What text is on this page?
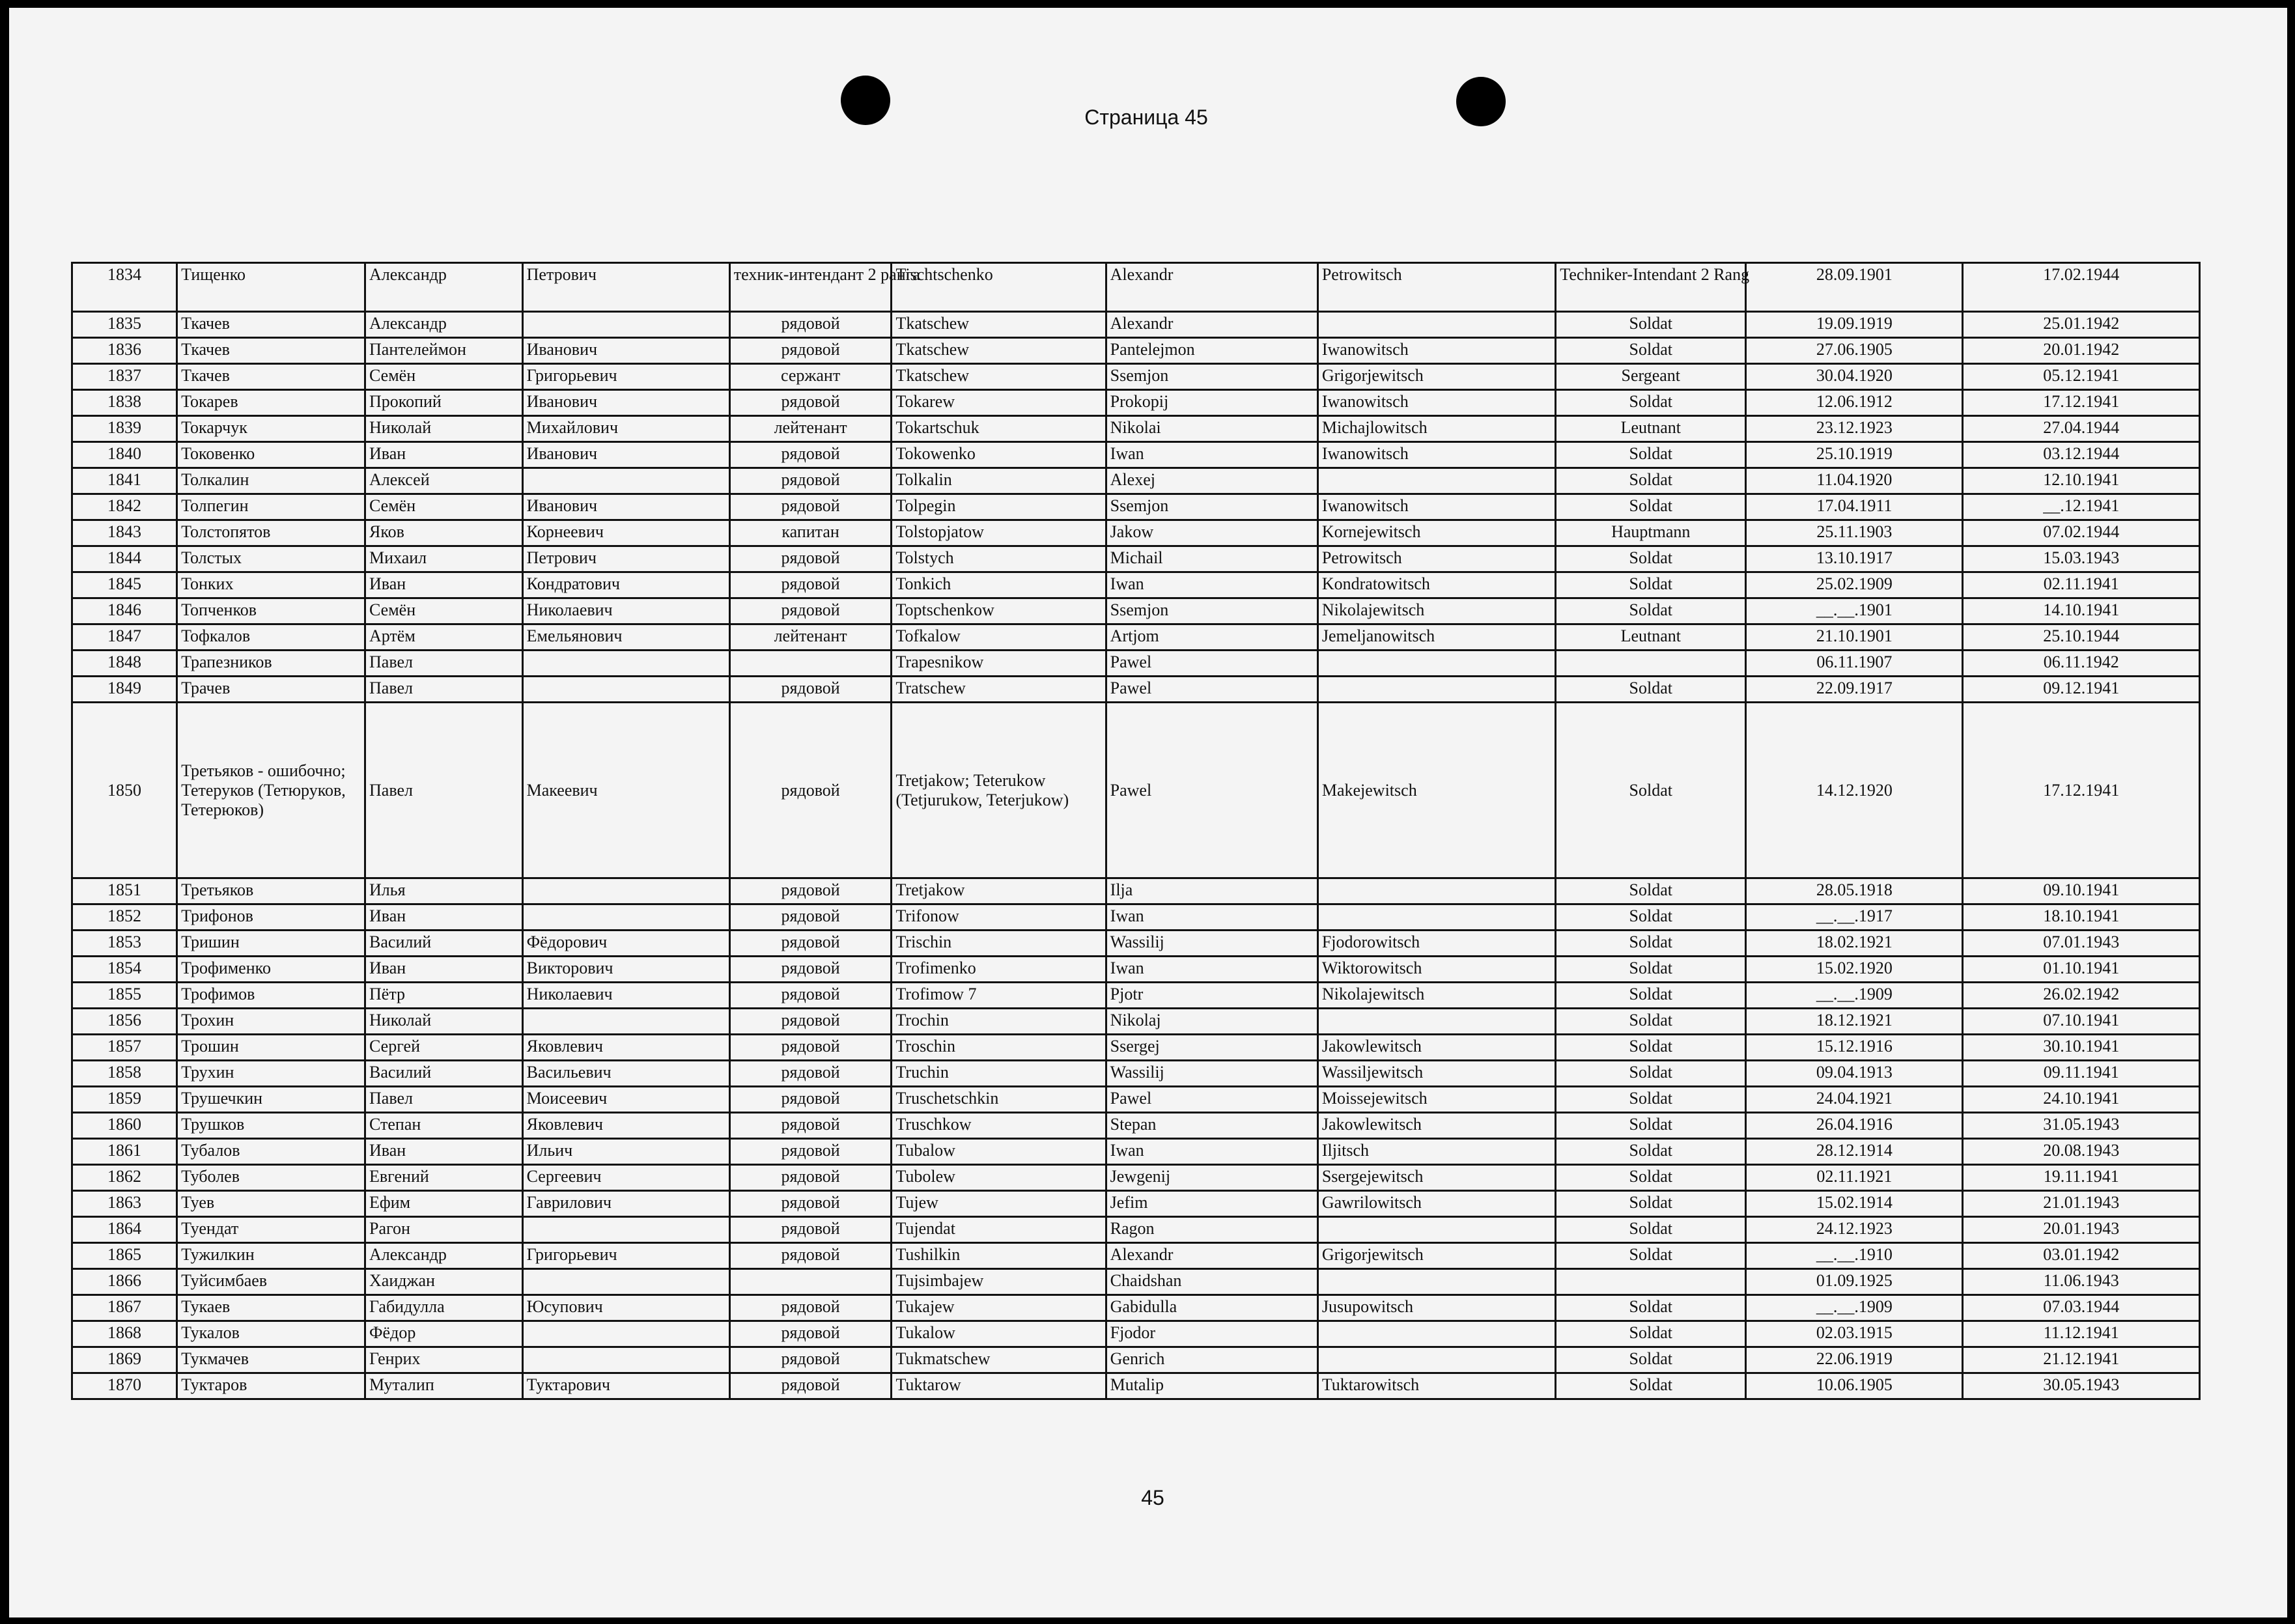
Страница 45
1834	Тищенко	Александр	Петрович	техник-интендант 2 ранга	Tischtschenko	Alexandr	Petrowitsch	Techniker-Intendant 2 Rang	28.09.1901	17.02.1944
1835	Ткачев	Александр		рядовой	Tkatschew	Alexandr		Soldat	19.09.1919	25.01.1942
1836	Ткачев	Пантелеймон	Иванович	рядовой	Tkatschew	Pantelejmon	Iwanowitsch	Soldat	27.06.1905	20.01.1942
1837	Ткачев	Семён	Григорьевич	сержант	Tkatschew	Ssemjon	Grigorjewitsch	Sergeant	30.04.1920	05.12.1941
1838	Токарев	Прокопий	Иванович	рядовой	Tokarew	Prokopij	Iwanowitsch	Soldat	12.06.1912	17.12.1941
1839	Токарчук	Николай	Михайлович	лейтенант	Tokartschuk	Nikolai	Michajlowitsch	Leutnant	23.12.1923	27.04.1944
1840	Токовенко	Иван	Иванович	рядовой	Tokowenko	Iwan	Iwanowitsch	Soldat	25.10.1919	03.12.1944
1841	Толкалин	Алексей		рядовой	Tolkalin	Alexej		Soldat	11.04.1920	12.10.1941
1842	Толпегин	Семён	Иванович	рядовой	Tolpegin	Ssemjon	Iwanowitsch	Soldat	17.04.1911	__.12.1941
1843	Толстопятов	Яков	Корнеевич	капитан	Tolstopjatow	Jakow	Kornejewitsch	Hauptmann	25.11.1903	07.02.1944
1844	Толстых	Михаил	Петрович	рядовой	Tolstych	Michail	Petrowitsch	Soldat	13.10.1917	15.03.1943
1845	Тонких	Иван	Кондратович	рядовой	Tonkich	Iwan	Kondratowitsch	Soldat	25.02.1909	02.11.1941
1846	Топченков	Семён	Николаевич	рядовой	Toptschenkow	Ssemjon	Nikolajewitsch	Soldat	__.__.1901	14.10.1941
1847	Тофкалов	Артём	Емельянович	лейтенант	Tofkalow	Artjom	Jemeljanowitsch	Leutnant	21.10.1901	25.10.1944
1848	Трапезников	Павел			Trapesnikow	Pawel			06.11.1907	06.11.1942
1849	Трачев	Павел		рядовой	Tratschew	Pawel		Soldat	22.09.1917	09.12.1941
1850	Третьяков - ошибочно; Тетеруков (Тетюруков, Тетерюков)	Павел	Макеевич	рядовой	Tretjakow; Teterukow (Tetjurukow, Teterjukow)	Pawel	Makejewitsch	Soldat	14.12.1920	17.12.1941
1851	Третьяков	Илья		рядовой	Tretjakow	Ilja		Soldat	28.05.1918	09.10.1941
1852	Трифонов	Иван		рядовой	Trifonow	Iwan		Soldat	__.__.1917	18.10.1941
1853	Тришин	Василий	Фёдорович	рядовой	Trischin	Wassilij	Fjodorowitsch	Soldat	18.02.1921	07.01.1943
1854	Трофименко	Иван	Викторович	рядовой	Trofimenko	Iwan	Wiktorowitsch	Soldat	15.02.1920	01.10.1941
1855	Трофимов	Пётр	Николаевич	рядовой	Trofimow 7	Pjotr	Nikolajewitsch	Soldat	__.__.1909	26.02.1942
1856	Трохин	Николай		рядовой	Trochin	Nikolaj		Soldat	18.12.1921	07.10.1941
1857	Трошин	Сергей	Яковлевич	рядовой	Troschin	Ssergej	Jakowlewitsch	Soldat	15.12.1916	30.10.1941
1858	Трухин	Василий	Васильевич	рядовой	Truchin	Wassilij	Wassiljewitsch	Soldat	09.04.1913	09.11.1941
1859	Трушечкин	Павел	Моисеевич	рядовой	Truschetschkin	Pawel	Moissejewitsch	Soldat	24.04.1921	24.10.1941
1860	Трушков	Степан	Яковлевич	рядовой	Truschkow	Stepan	Jakowlewitsch	Soldat	26.04.1916	31.05.1943
1861	Тубалов	Иван	Ильич	рядовой	Tubalow	Iwan	Iljitsch	Soldat	28.12.1914	20.08.1943
1862	Туболев	Евгений	Сергеевич	рядовой	Tubolew	Jewgenij	Ssergejewitsch	Soldat	02.11.1921	19.11.1941
1863	Туев	Ефим	Гаврилович	рядовой	Tujew	Jefim	Gawrilowitsch	Soldat	15.02.1914	21.01.1943
1864	Туендат	Рагон		рядовой	Tujendat	Ragon		Soldat	24.12.1923	20.01.1943
1865	Тужилкин	Александр	Григорьевич	рядовой	Tushilkin	Alexandr	Grigorjewitsch	Soldat	__.__.1910	03.01.1942
1866	Туйсимбаев	Хаиджан			Tujsimbajew	Chaidshan			01.09.1925	11.06.1943
1867	Тукаев	Габидулла	Юсупович	рядовой	Tukajew	Gabidulla	Jusupowitsch	Soldat	__.__.1909	07.03.1944
1868	Тукалов	Фёдор		рядовой	Tukalow	Fjodor		Soldat	02.03.1915	11.12.1941
1869	Тукмачев	Генрих		рядовой	Tukmatschew	Genrich		Soldat	22.06.1919	21.12.1941
1870	Туктаров	Муталип	Туктарович	рядовой	Tuktarow	Mutalip	Tuktarowitsch	Soldat	10.06.1905	30.05.1943
45
